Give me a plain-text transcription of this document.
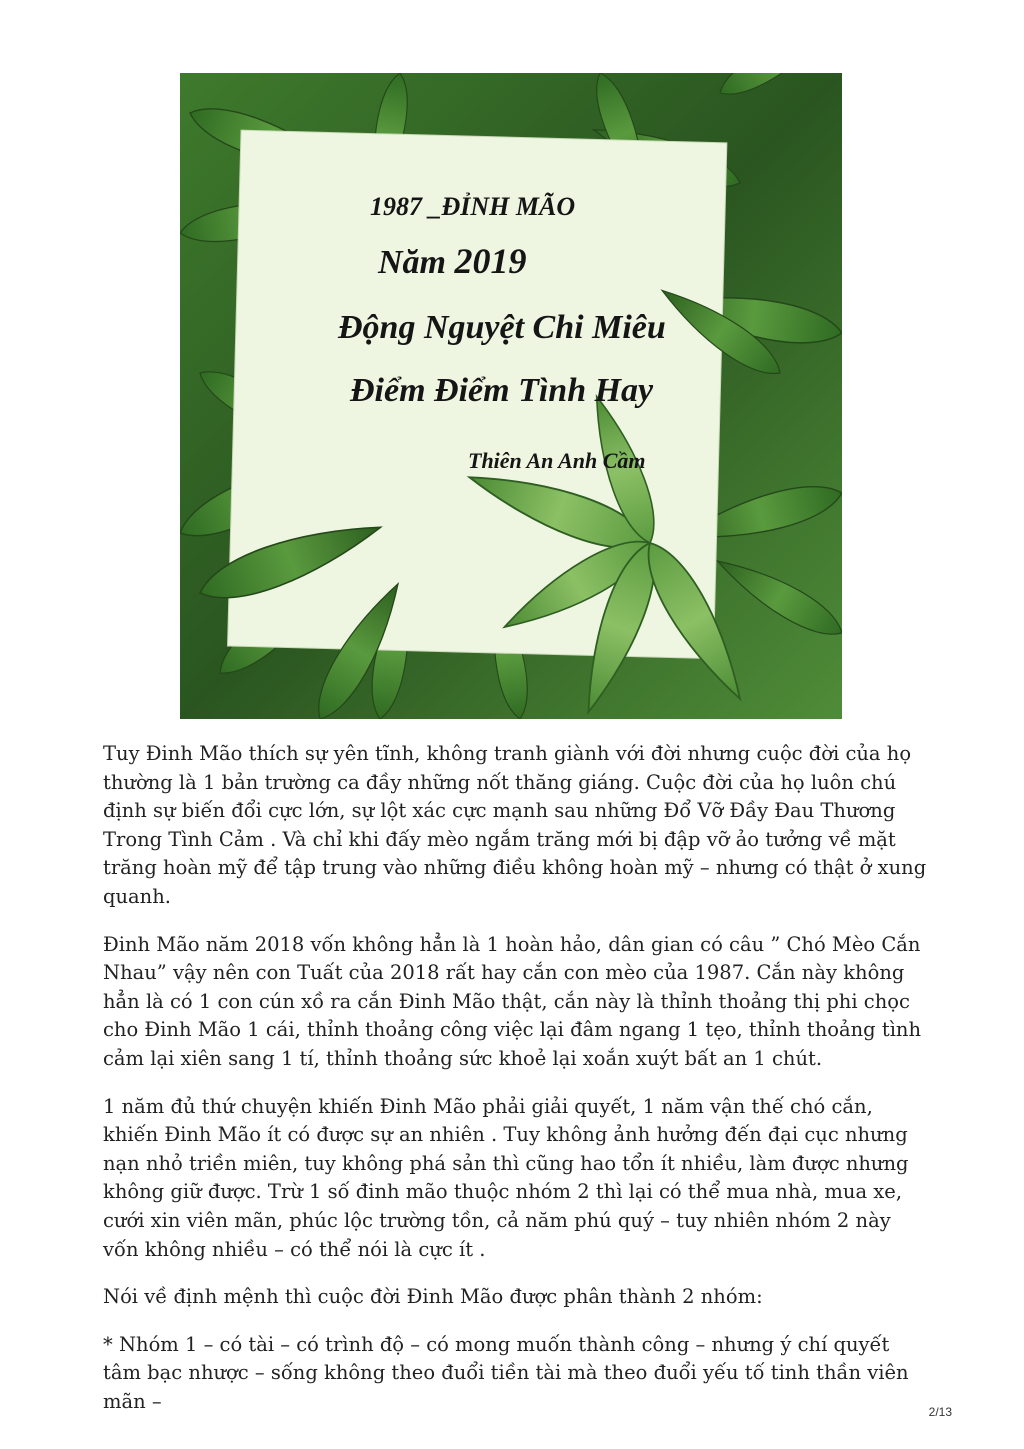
1987 _ĐỈNH MÃO
Năm 2019
Động Nguyệt Chi Miêu
Điểm Điểm Tình Hay
Thiên An Anh Cầm

Tuy Đinh Mão thích sự yên tĩnh, không tranh giành với đời nhưng cuộc đời của họ thường là 1 bản trường ca đầy những nốt thăng giáng. Cuộc đời của họ luôn chú định sự biến đổi cực lớn, sự lột xác cực mạnh sau những Đổ Vỡ Đầy Đau Thương Trong Tình Cảm . Và chỉ khi đấy mèo ngắm trăng mới bị đập vỡ ảo tưởng về mặt trăng hoàn mỹ để tập trung vào những điều không hoàn mỹ – nhưng có thật ở xung quanh.

Đinh Mão năm 2018 vốn không hẳn là 1 hoàn hảo, dân gian có câu ” Chó Mèo Cắn Nhau” vậy nên con Tuất của 2018 rất hay cắn con mèo của 1987. Cắn này không hẳn là có 1 con cún xồ ra cắn Đinh Mão thật, cắn này là thỉnh thoảng thị phi chọc cho Đinh Mão 1 cái, thỉnh thoảng công việc lại đâm ngang 1 tẹo, thỉnh thoảng tình cảm lại xiên sang 1 tí, thỉnh thoảng sức khoẻ lại xoắn xuýt bất an 1 chút.

1 năm đủ thứ chuyện khiến Đinh Mão phải giải quyết, 1 năm vận thế chó cắn, khiến Đinh Mão ít có được sự an nhiên . Tuy không ảnh hưởng đến đại cục nhưng nạn nhỏ triền miên, tuy không phá sản thì cũng hao tổn ít nhiều, làm được nhưng không giữ được. Trừ 1 số đinh mão thuộc nhóm 2 thì lại có thể mua nhà, mua xe, cưới xin viên mãn, phúc lộc trường tồn, cả năm phú quý – tuy nhiên nhóm 2 này vốn không nhiều – có thể nói là cực ít .

Nói về định mệnh thì cuộc đời Đinh Mão được phân thành 2 nhóm:

* Nhóm 1 – có tài – có trình độ – có mong muốn thành công – nhưng ý chí quyết tâm bạc nhược – sống không theo đuổi tiền tài mà theo đuổi yếu tố tinh thần viên mãn –	2/13
